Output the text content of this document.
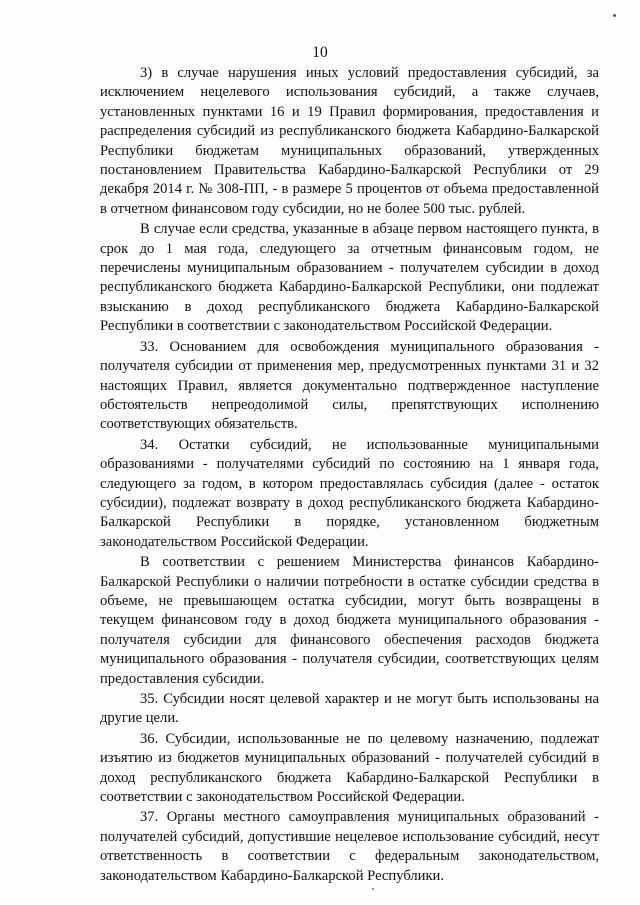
10

3) в случае нарушения иных условий предоставления субсидий, за исключением нецелевого использования субсидий, а также случаев, установленных пунктами 16 и 19 Правил формирования, предоставления и распределения субсидий из республиканского бюджета Кабардино-Балкарской Республики бюджетам муниципальных образований, утвержденных постановлением Правительства Кабардино-Балкарской Республики от 29 декабря 2014 г. № 308-ПП, - в размере 5 процентов от объема предоставленной в отчетном финансовом году субсидии, но не более 500 тыс. рублей.

В случае если средства, указанные в абзаце первом настоящего пункта, в срок до 1 мая года, следующего за отчетным финансовым годом, не перечислены муниципальным образованием - получателем субсидии в доход республиканского бюджета Кабардино-Балкарской Республики, они подлежат взысканию в доход республиканского бюджета Кабардино-Балкарской Республики в соответствии с законодательством Российской Федерации.

33. Основанием для освобождения муниципального образования - получателя субсидии от применения мер, предусмотренных пунктами 31 и 32 настоящих Правил, является документально подтвержденное наступление обстоятельств непреодолимой силы, препятствующих исполнению соответствующих обязательств.

34. Остатки субсидий, не использованные муниципальными образованиями - получателями субсидий по состоянию на 1 января года, следующего за годом, в котором предоставлялась субсидия (далее - остаток субсидии), подлежат возврату в доход республиканского бюджета Кабардино-Балкарской Республики в порядке, установленном бюджетным законодательством Российской Федерации.

В соответствии с решением Министерства финансов Кабардино-Балкарской Республики о наличии потребности в остатке субсидии средства в объеме, не превышающем остатка субсидии, могут быть возвращены в текущем финансовом году в доход бюджета муниципального образования - получателя субсидии для финансового обеспечения расходов бюджета муниципального образования - получателя субсидии, соответствующих целям предоставления субсидии.

35. Субсидии носят целевой характер и не могут быть использованы на другие цели.

36. Субсидии, использованные не по целевому назначению, подлежат изъятию из бюджетов муниципальных образований - получателей субсидий в доход республиканского бюджета Кабардино-Балкарской Республики в соответствии с законодательством Российской Федерации.

37. Органы местного самоуправления муниципальных образований - получателей субсидий, допустившие нецелевое использование субсидий, несут ответственность в соответствии с федеральным законодательством, законодательством Кабардино-Балкарской Республики.
